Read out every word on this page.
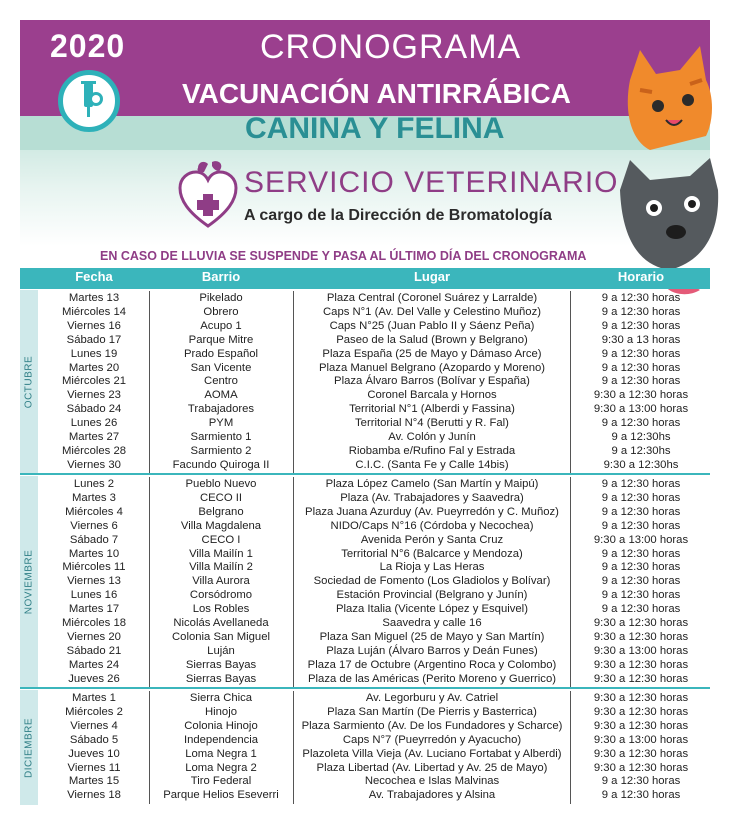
2020	CRONOGRAMA
VACUNACIÓN ANTIRRÁBICA
CANINA Y FELINA
SERVICIO VETERINARIO
A cargo de la Dirección de Bromatología
EN CASO DE LLUVIA SE SUSPENDE Y PASA AL ÚLTIMO DÍA DEL CRONOGRAMA
Fecha	Barrio	Lugar	Horario
OCTUBRE
Martes 13	Pikelado	Plaza Central (Coronel Suárez y Larralde)	9 a 12:30 horas
Miércoles 14	Obrero	Caps N°1 (Av. Del Valle y Celestino Muñoz)	9 a 12:30 horas
Viernes 16	Acupo 1	Caps N°25 (Juan Pablo II y Sáenz Peña)	9 a 12:30 horas
Sábado 17	Parque Mitre	Paseo de la Salud (Brown y Belgrano)	9:30 a 13 horas
Lunes 19	Prado Español	Plaza España (25 de Mayo y Dámaso Arce)	9 a 12:30 horas
Martes 20	San Vicente	Plaza Manuel Belgrano (Azopardo y Moreno)	9 a 12:30 horas
Miércoles 21	Centro	Plaza Álvaro Barros (Bolívar y España)	9 a 12:30 horas
Viernes 23	AOMA	Coronel Barcala y Hornos	9:30 a 12:30 horas
Sábado 24	Trabajadores	Territorial N°1 (Alberdi y Fassina)	9:30 a 13:00 horas
Lunes 26	PYM	Territorial N°4 (Berutti y R. Fal)	9 a 12:30 horas
Martes 27	Sarmiento 1	Av. Colón y Junín	9 a 12:30hs
Miércoles 28	Sarmiento 2	Riobamba e/Rufino Fal y Estrada	9 a 12:30hs
Viernes 30	Facundo Quiroga II	C.I.C. (Santa Fe y Calle 14bis)	9:30 a 12:30hs
NOVIEMBRE
Lunes 2	Pueblo Nuevo	Plaza López Camelo (San Martín y Maipú)	9 a 12:30 horas
Martes 3	CECO II	Plaza (Av. Trabajadores y Saavedra)	9 a 12:30 horas
Miércoles 4	Belgrano	Plaza Juana Azurduy (Av. Pueyrredón y C. Muñoz)	9 a 12:30 horas
Viernes 6	Villa Magdalena	NIDO/Caps N°16 (Córdoba y Necochea)	9 a 12:30 horas
Sábado 7	CECO I	Avenida Perón y Santa Cruz	9:30 a 13:00 horas
Martes 10	Villa Mailín 1	Territorial N°6 (Balcarce y Mendoza)	9 a 12:30 horas
Miércoles 11	Villa Mailín 2	La Rioja y Las Heras	9 a 12:30 horas
Viernes 13	Villa Aurora	Sociedad de Fomento (Los Gladiolos y Bolívar)	9 a 12:30 horas
Lunes 16	Corsódromo	Estación Provincial (Belgrano y Junín)	9 a 12:30 horas
Martes 17	Los Robles	Plaza Italia (Vicente López y Esquivel)	9 a 12:30 horas
Miércoles 18	Nicolás Avellaneda	Saavedra y calle 16	9:30 a 12:30 horas
Viernes 20	Colonia San Miguel	Plaza San Miguel (25 de Mayo y San Martín)	9:30 a 12:30 horas
Sábado 21	Luján	Plaza Luján (Álvaro Barros y Deán Funes)	9:30 a 13:00 horas
Martes 24	Sierras Bayas	Plaza 17 de Octubre (Argentino Roca y Colombo)	9:30 a 12:30 horas
Jueves 26	Sierras Bayas	Plaza de las Américas (Perito Moreno y Guerrico)	9:30 a 12:30 horas
DICIEMBRE
Martes 1	Sierra Chica	Av. Legorburu y Av. Catriel	9:30 a 12:30 horas
Miércoles 2	Hinojo	Plaza San Martín (De Pierris y Basterrica)	9:30 a 12:30 horas
Viernes 4	Colonia Hinojo	Plaza Sarmiento (Av. De los Fundadores y Scharce)	9:30 a 12:30 horas
Sábado 5	Independencia	Caps N°7 (Pueyrredón y Ayacucho)	9:30 a 13:00 horas
Jueves 10	Loma Negra 1	Plazoleta Villa Vieja (Av. Luciano Fortabat y Alberdi)	9:30 a 12:30 horas
Viernes 11	Loma Negra 2	Plaza Libertad (Av. Libertad y Av. 25 de Mayo)	9:30 a 12:30 horas
Martes 15	Tiro Federal	Necochea e Islas Malvinas	9 a 12:30 horas
Viernes 18	Parque Helios Eseverri	Av. Trabajadores y Alsina	9 a 12:30 horas
